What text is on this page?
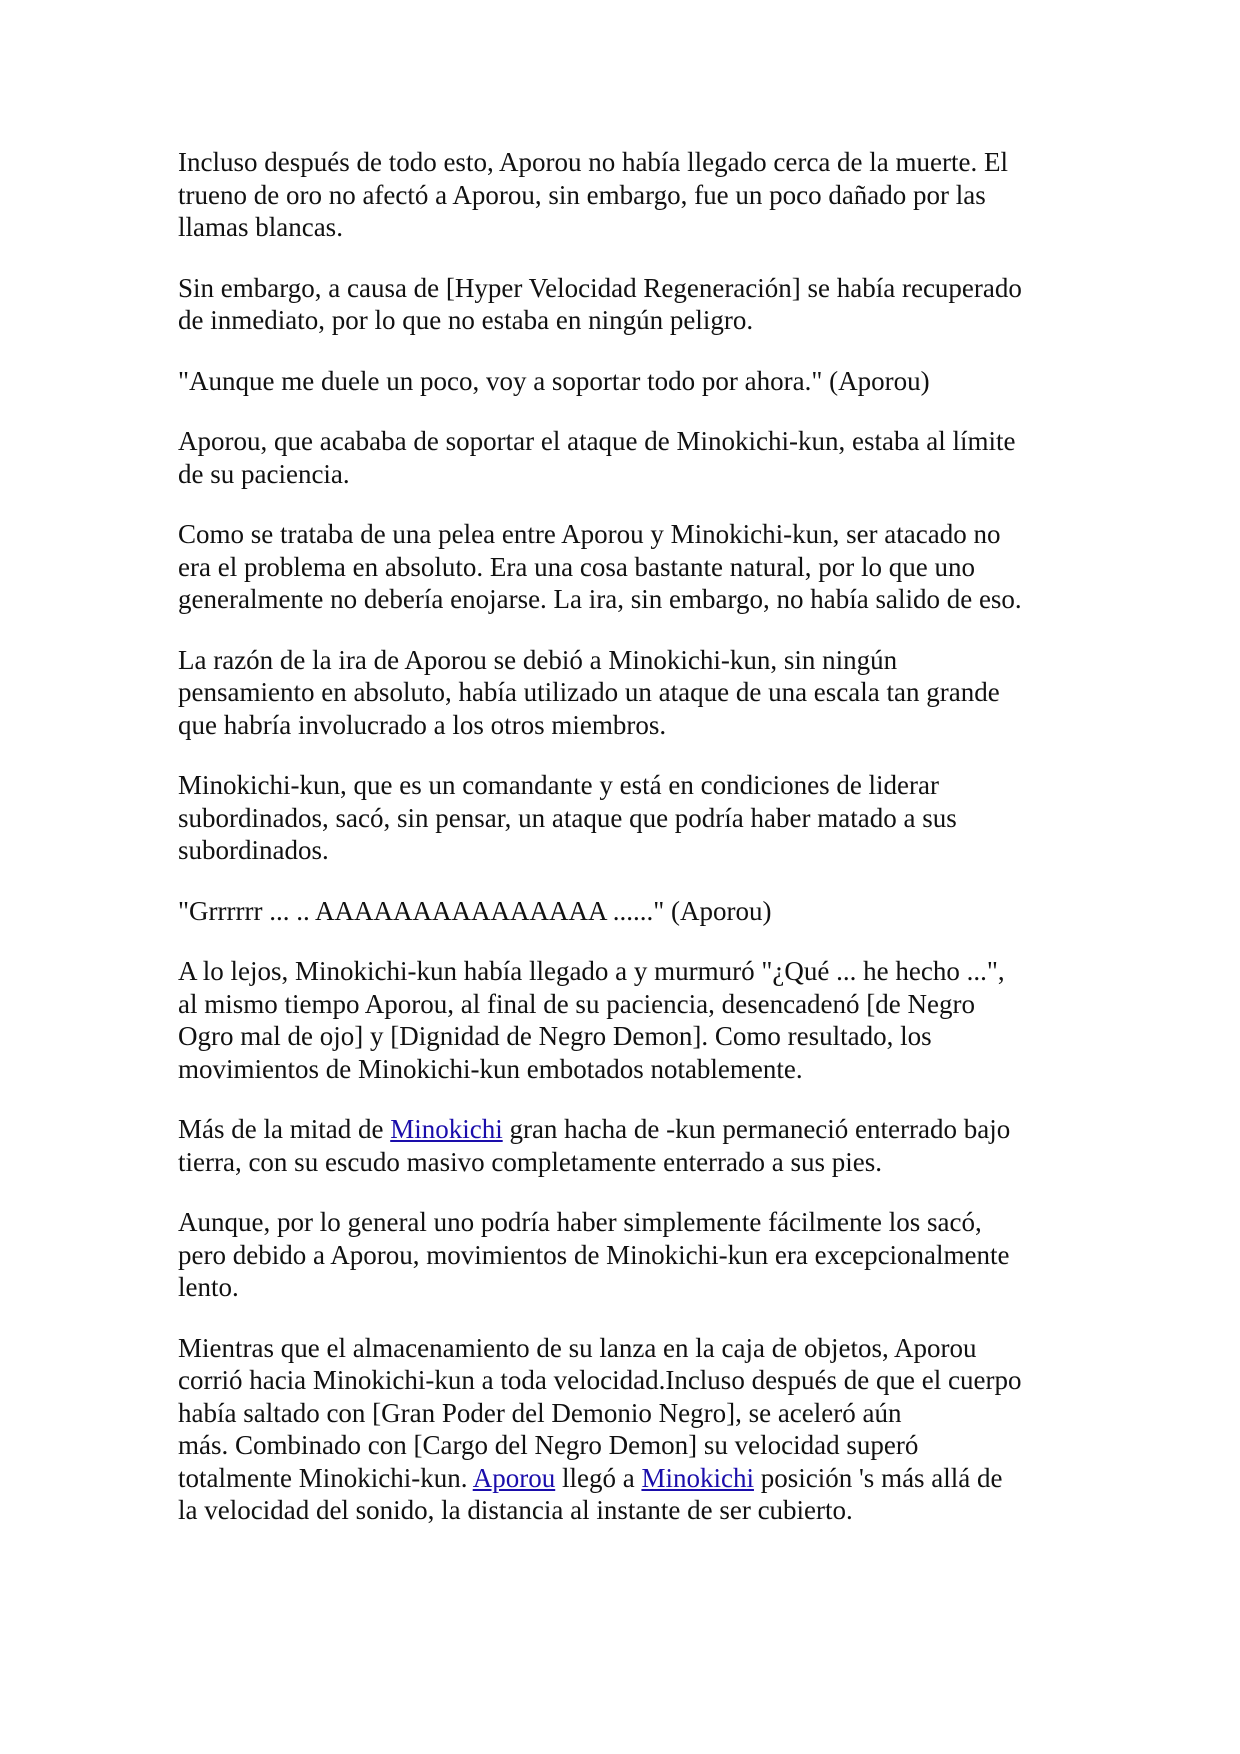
Incluso después de todo esto, Aporou no había llegado cerca de la muerte. El
trueno de oro no afectó a Aporou, sin embargo, fue un poco dañado por las
llamas blancas.

Sin embargo, a causa de [Hyper Velocidad Regeneración] se había recuperado
de inmediato, por lo que no estaba en ningún peligro.

"Aunque me duele un poco, voy a soportar todo por ahora." (Aporou)

Aporou, que acababa de soportar el ataque de Minokichi-kun, estaba al límite
de su paciencia.

Como se trataba de una pelea entre Aporou y Minokichi-kun, ser atacado no
era el problema en absoluto. Era una cosa bastante natural, por lo que uno
generalmente no debería enojarse. La ira, sin embargo, no había salido de eso.

La razón de la ira de Aporou se debió a Minokichi-kun, sin ningún
pensamiento en absoluto, había utilizado un ataque de una escala tan grande
que habría involucrado a los otros miembros.

Minokichi-kun, que es un comandante y está en condiciones de liderar
subordinados, sacó, sin pensar, un ataque que podría haber matado a sus
subordinados.

"Grrrrrr ... .. AAAAAAAAAAAAAAA ......" (Aporou)

A lo lejos, Minokichi-kun había llegado a y murmuró "¿Qué ... he hecho ...",
al mismo tiempo Aporou, al final de su paciencia, desencadenó [de Negro
Ogro mal de ojo] y [Dignidad de Negro Demon]. Como resultado, los
movimientos de Minokichi-kun embotados notablemente.

Más de la mitad de Minokichi gran hacha de -kun permaneció enterrado bajo
tierra, con su escudo masivo completamente enterrado a sus pies.

Aunque, por lo general uno podría haber simplemente fácilmente los sacó,
pero debido a Aporou, movimientos de Minokichi-kun era excepcionalmente
lento.

Mientras que el almacenamiento de su lanza en la caja de objetos, Aporou
corrió hacia Minokichi-kun a toda velocidad.Incluso después de que el cuerpo
había saltado con [Gran Poder del Demonio Negro], se aceleró aún
más. Combinado con [Cargo del Negro Demon] su velocidad superó
totalmente Minokichi-kun. Aporou llegó a Minokichi posición 's más allá de
la velocidad del sonido, la distancia al instante de ser cubierto.
